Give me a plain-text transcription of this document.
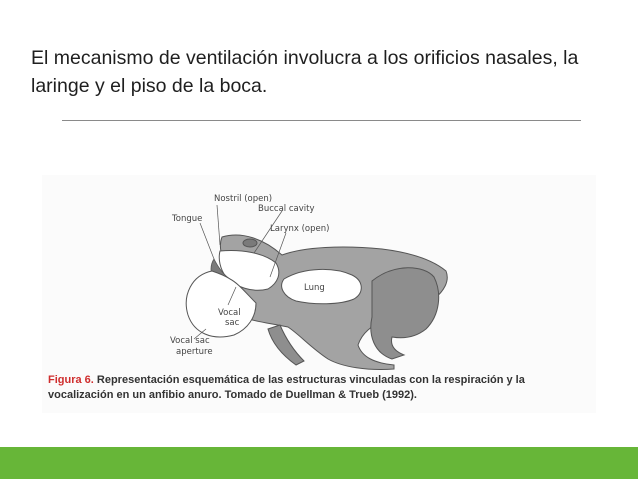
El mecanismo de ventilación involucra a los orificios nasales, la laringe y el piso de la boca.

Nostril (open)
Buccal cavity
Tongue
Larynx (open)
Lung
Vocal
sac
Vocal sac
aperture
Figura 6. Representación esquemática de las estructuras vinculadas con la respiración y la vocalización en un anfibio anuro. Tomado de Duellman & Trueb (1992).
